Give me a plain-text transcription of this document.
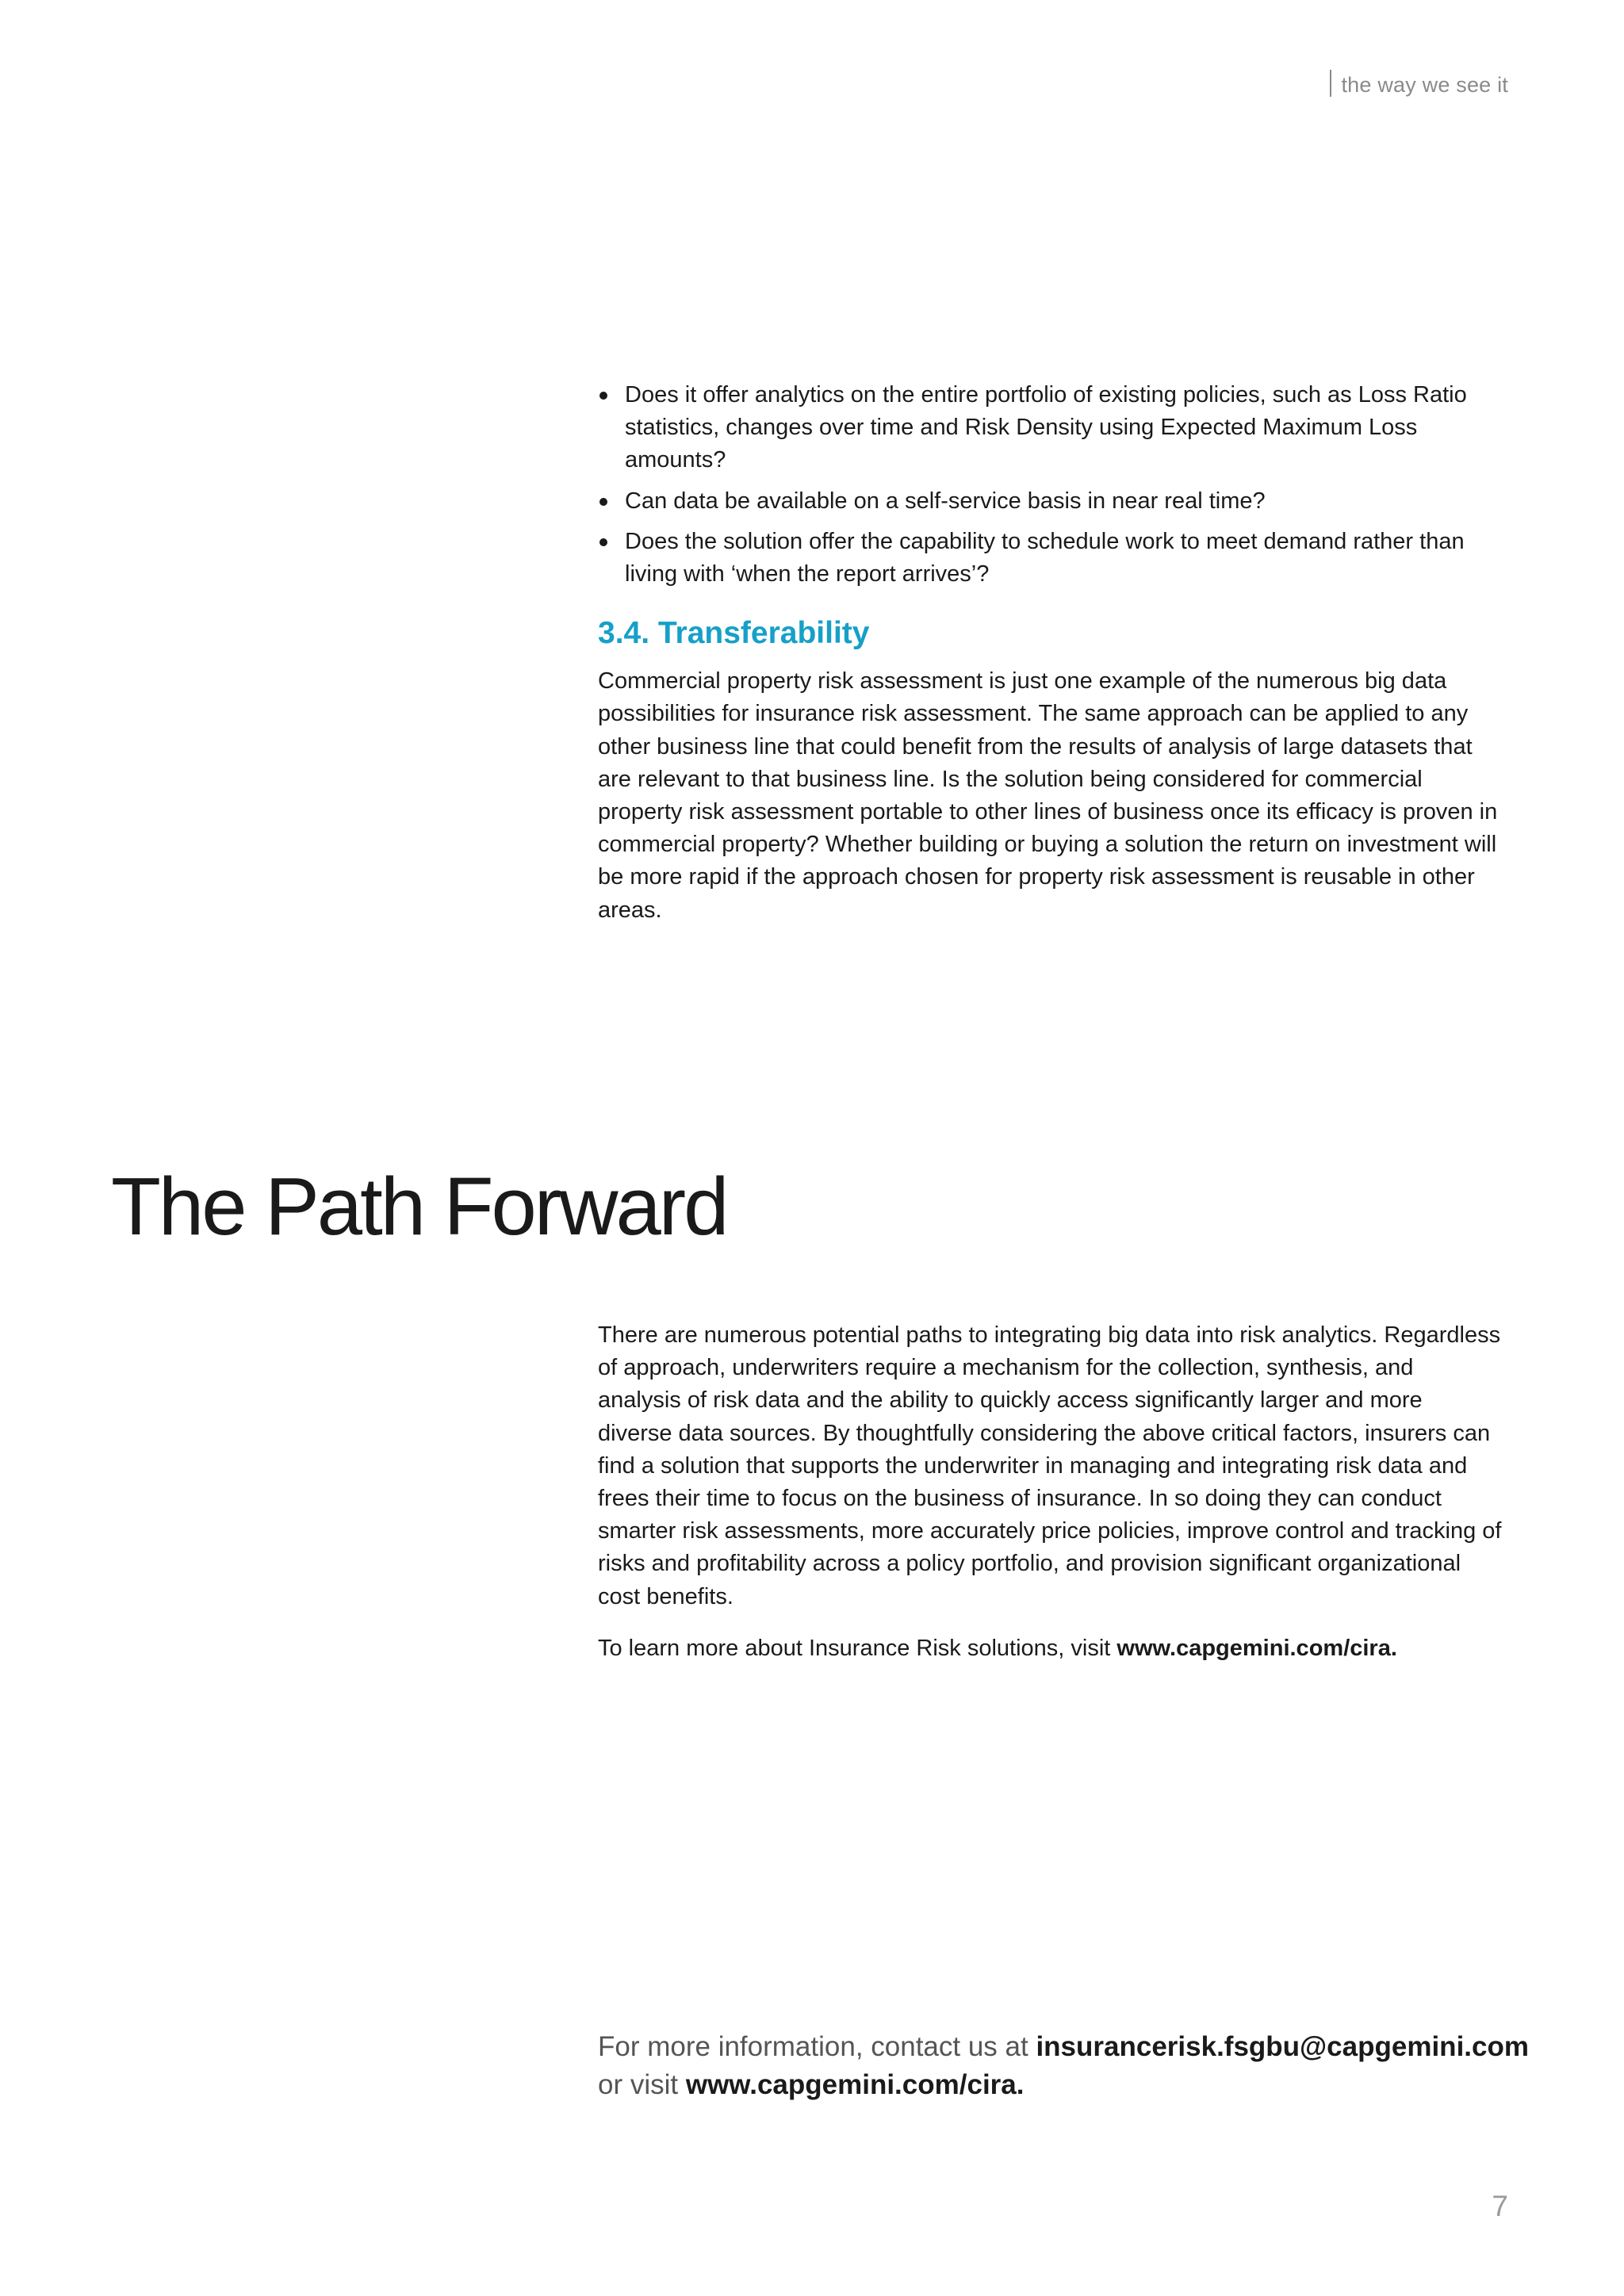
the way we see it
Does it offer analytics on the entire portfolio of existing policies, such as Loss Ratio statistics, changes over time and Risk Density using Expected Maximum Loss amounts?
Can data be available on a self-service basis in near real time?
Does the solution offer the capability to schedule work to meet demand rather than living with ‘when the report arrives’?
3.4. Transferability

Commercial property risk assessment is just one example of the numerous big data possibilities for insurance risk assessment. The same approach can be applied to any other business line that could benefit from the results of analysis of large datasets that are relevant to that business line. Is the solution being considered for commercial property risk assessment portable to other lines of business once its efficacy is proven in commercial property? Whether building or buying a solution the return on investment will be more rapid if the approach chosen for property risk assessment is reusable in other areas.

The Path Forward

There are numerous potential paths to integrating big data into risk analytics. Regardless of approach, underwriters require a mechanism for the collection, synthesis, and analysis of risk data and the ability to quickly access significantly larger and more diverse data sources. By thoughtfully considering the above critical factors, insurers can find a solution that supports the underwriter in managing and integrating risk data and frees their time to focus on the business of insurance. In so doing they can conduct smarter risk assessments, more accurately price policies, improve control and tracking of risks and profitability across a policy portfolio, and provision significant organizational cost benefits.

To learn more about Insurance Risk solutions, visit www.capgemini.com/cira.

For more information, contact us at insurancerisk.fsgbu@capgemini.com
or visit www.capgemini.com/cira.
7
